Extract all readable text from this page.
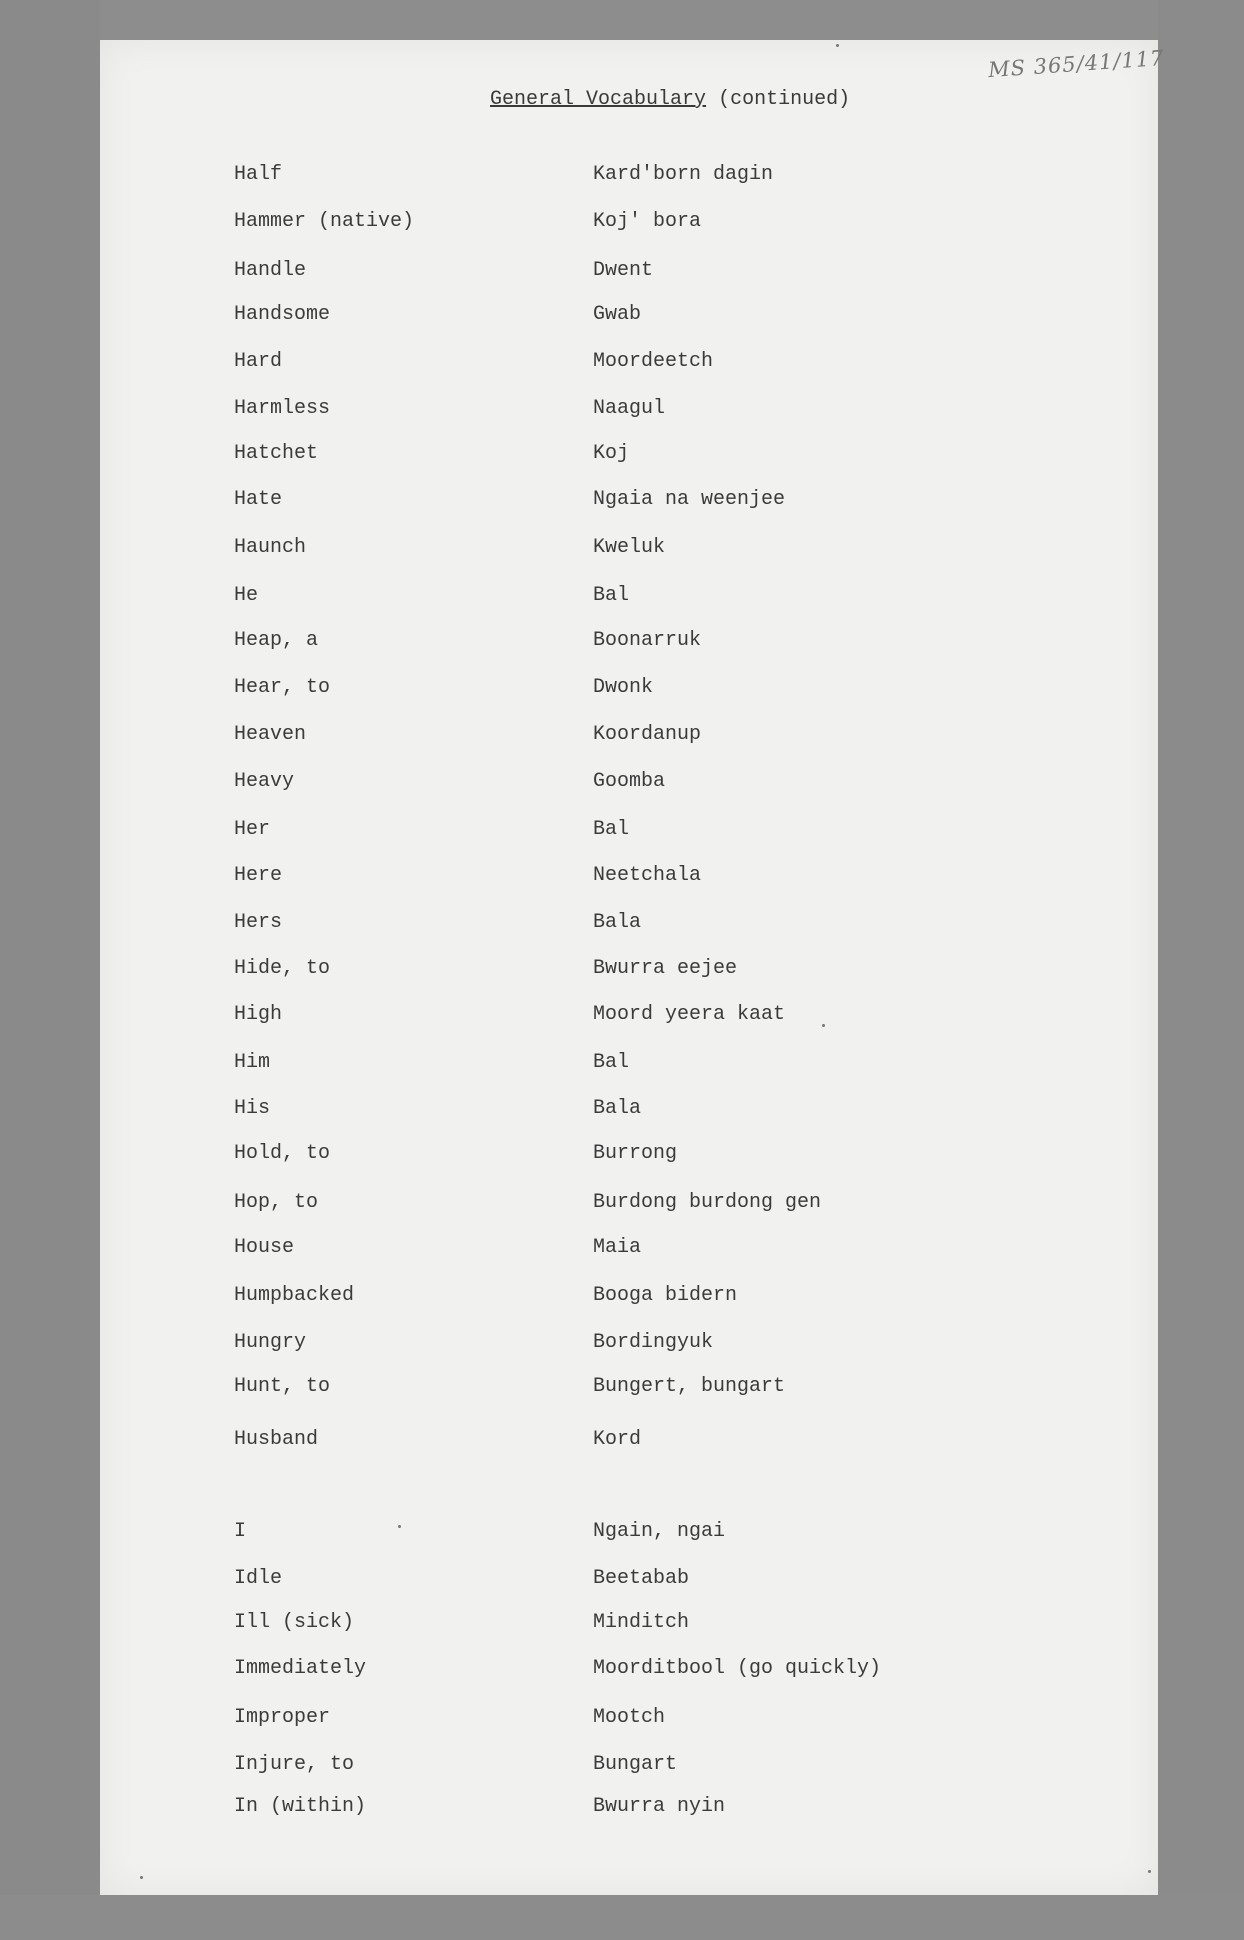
MS 365/41/117
General Vocabulary (continued)
Half	Kard'born dagin
Hammer (native)	Koj' bora
Handle	Dwent
Handsome	Gwab
Hard	Moordeetch
Harmless	Naagul
Hatchet	Koj
Hate	Ngaia na weenjee
Haunch	Kweluk
He	Bal
Heap, a	Boonarruk
Hear, to	Dwonk
Heaven	Koordanup
Heavy	Goomba
Her	Bal
Here	Neetchala
Hers	Bala
Hide, to	Bwurra eejee
High	Moord yeera kaat
Him	Bal
His	Bala
Hold, to	Burrong
Hop, to	Burdong burdong gen
House	Maia
Humpbacked	Booga bidern
Hungry	Bordingyuk
Hunt, to	Bungert, bungart
Husband	Kord
I	Ngain, ngai
Idle	Beetabab
Ill (sick)	Minditch
Immediately	Moorditbool (go quickly)
Improper	Mootch
Injure, to	Bungart
In (within)	Bwurra nyin
